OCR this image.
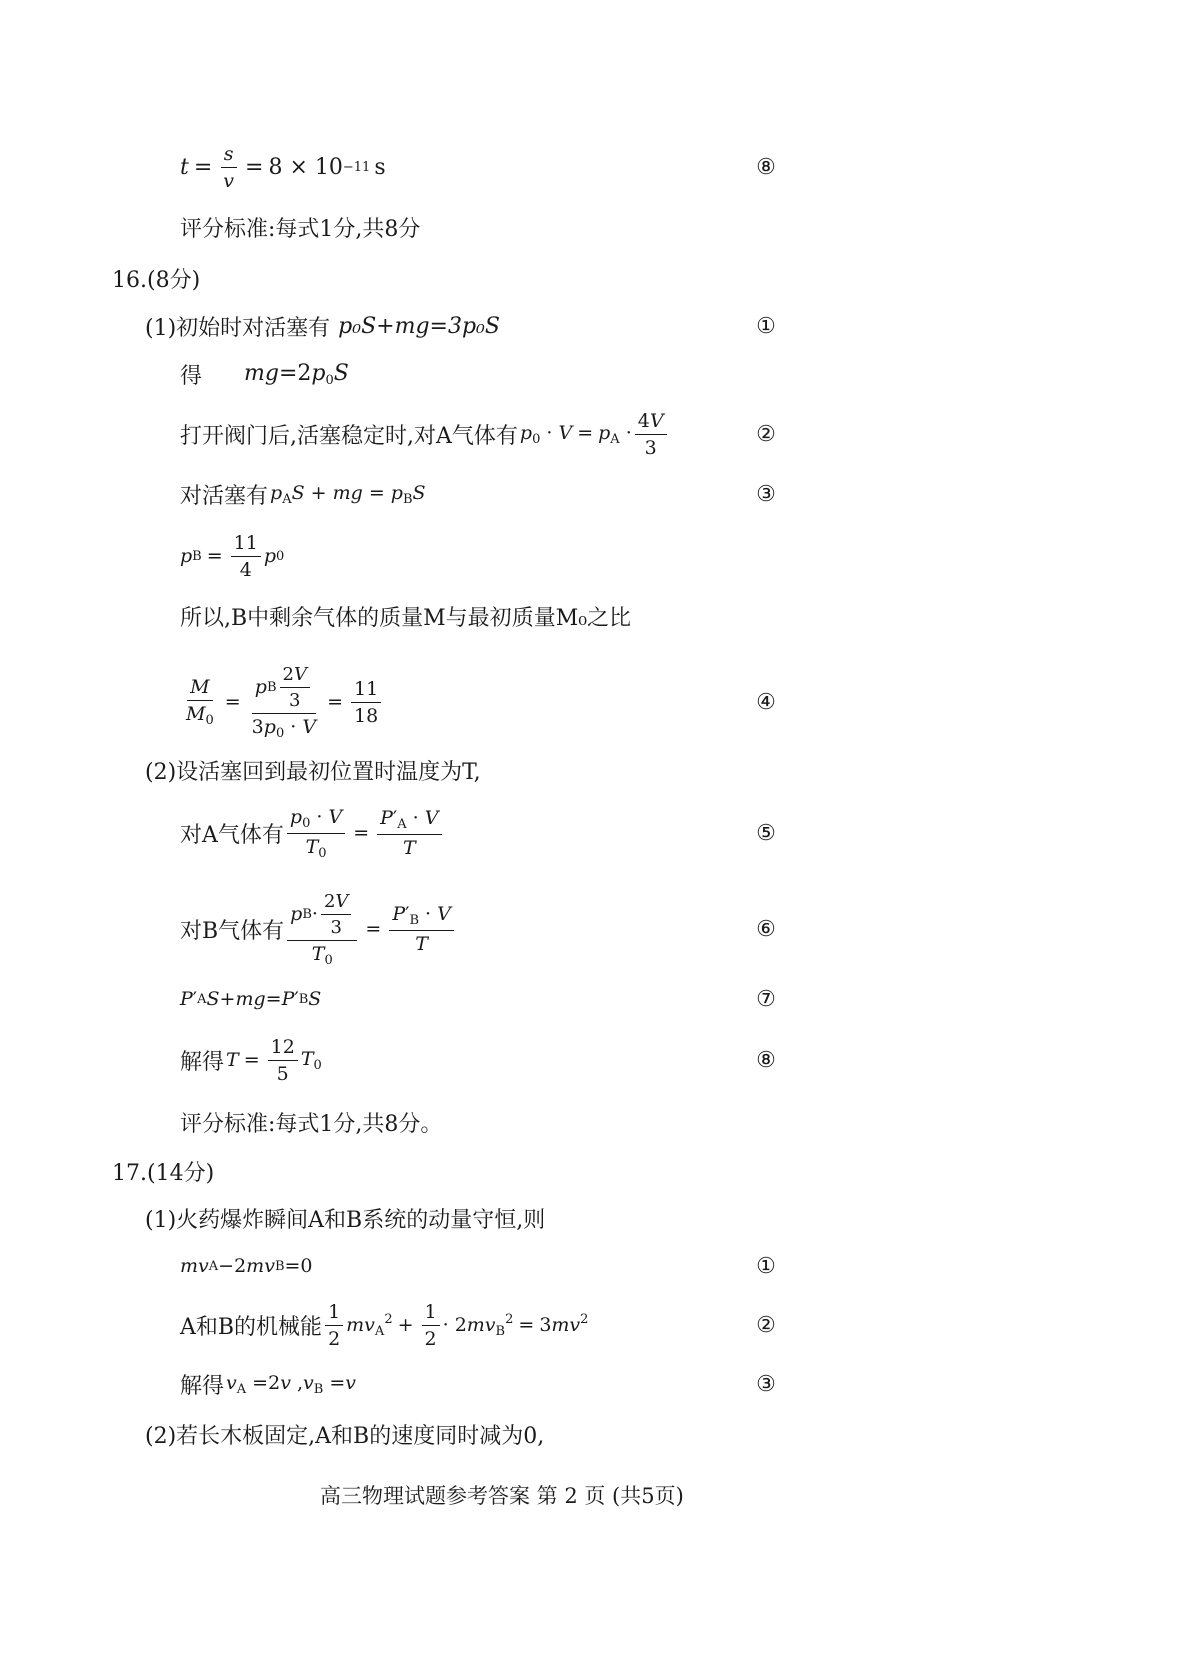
$t = \frac{s}{v} = 8 \times 10 -11$ s	⑧
评分标准:每式1分,共8分
16.(8分)
(1)初始时对活塞有 p₀S+mg=3p₀S	①
得 $mg=2p_0S$
打开阀门后,活塞稳定时,对A气体有 $p_0 \cdot V = p_A \cdot \frac{4V}{3}$	②
对活塞有 $p_AS$ + mg = $p_BS$	③
p $B = \frac{11}{4}$ p 0
所以,B中剩余气体的质量M与最初质量M₀之比
$\frac{M}{M_0} = \frac{p B \frac{2V}{3}}{3p_0 \cdot V} = \frac{11}{18}$	④
(2)设活塞回到最初位置时温度为T,
对A气体有 $\frac{p_0 \cdot V}{T_0} = \frac{P'_A \cdot V}{T}$	⑤
对B气体有 $\frac{p B \cdot \frac{2V}{3}}{T_0} = \frac{P'_B \cdot V}{T}$	⑥
P ′ A S + mg = P ′ B S	⑦
解得 $T = \frac{12}{5} T_0$	⑧
评分标准:每式1分,共8分。
17.(14分)
(1)火药爆炸瞬间A和B系统的动量守恒,则
mv A −2 mv B =0	①
A和B的机械能 $\frac{1}{2} mv_A^2 + \frac{1}{2} \cdot 2mv_B^2 = 3mv^2$	②
解得 $v_A =2v$ $,v_B =v$	③
(2)若长木板固定,A和B的速度同时减为0,
高三物理试题参考答案 第 2 页 (共5页)
